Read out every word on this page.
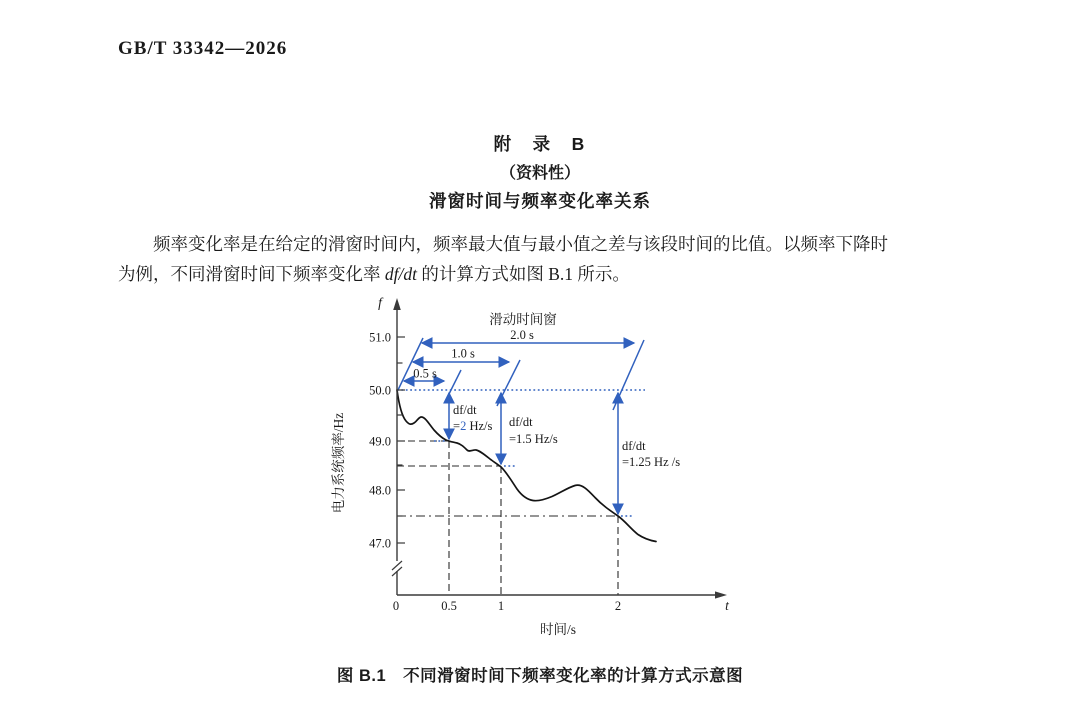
GB/T 33342—2026
附　录　B
（资料性）
滑窗时间与频率变化率关系
频率变化率是在给定的滑窗时间内，频率最大值与最小值之差与该段时间的比值。以频率下降时
为例，不同滑窗时间下频率变化率 df/dt 的计算方式如图 B.1 所示。
51.0
50.0
49.0
48.0
47.0
0	0.5	1	2
f
t
时间/s
电力系统频率/Hz
滑动时间窗
0.5 s
1.0 s
2.0 s
df/dt
=2 Hz/s df/dt
=1.5 Hz/s	df/dt
=1.25 Hz /s
图 B.1　不同滑窗时间下频率变化率的计算方式示意图
